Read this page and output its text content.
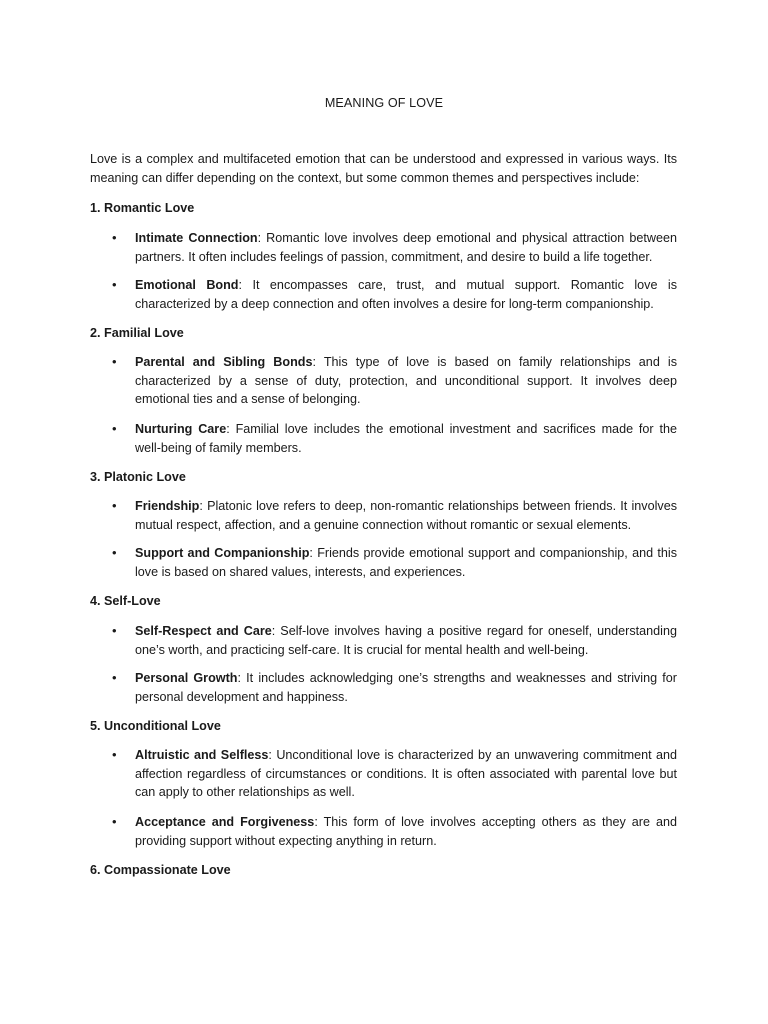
MEANING OF LOVE

Love is a complex and multifaceted emotion that can be understood and expressed in various ways. Its meaning can differ depending on the context, but some common themes and perspectives include:

1. Romantic Love
•	Intimate Connection: Romantic love involves deep emotional and physical attraction between partners. It often includes feelings of passion, commitment, and desire to build a life together.
•	Emotional Bond: It encompasses care, trust, and mutual support. Romantic love is characterized by a deep connection and often involves a desire for long-term companionship.
2. Familial Love
•	Parental and Sibling Bonds: This type of love is based on family relationships and is characterized by a sense of duty, protection, and unconditional support. It involves deep emotional ties and a sense of belonging.
•	Nurturing Care: Familial love includes the emotional investment and sacrifices made for the well-being of family members.
3. Platonic Love
•	Friendship: Platonic love refers to deep, non-romantic relationships between friends. It involves mutual respect, affection, and a genuine connection without romantic or sexual elements.
•	Support and Companionship: Friends provide emotional support and companionship, and this love is based on shared values, interests, and experiences.
4. Self-Love
•	Self-Respect and Care: Self-love involves having a positive regard for oneself, understanding one’s worth, and practicing self-care. It is crucial for mental health and well-being.
•	Personal Growth: It includes acknowledging one’s strengths and weaknesses and striving for personal development and happiness.
5. Unconditional Love
•	Altruistic and Selfless: Unconditional love is characterized by an unwavering commitment and affection regardless of circumstances or conditions. It is often associated with parental love but can apply to other relationships as well.
•	Acceptance and Forgiveness: This form of love involves accepting others as they are and providing support without expecting anything in return.
6. Compassionate Love
